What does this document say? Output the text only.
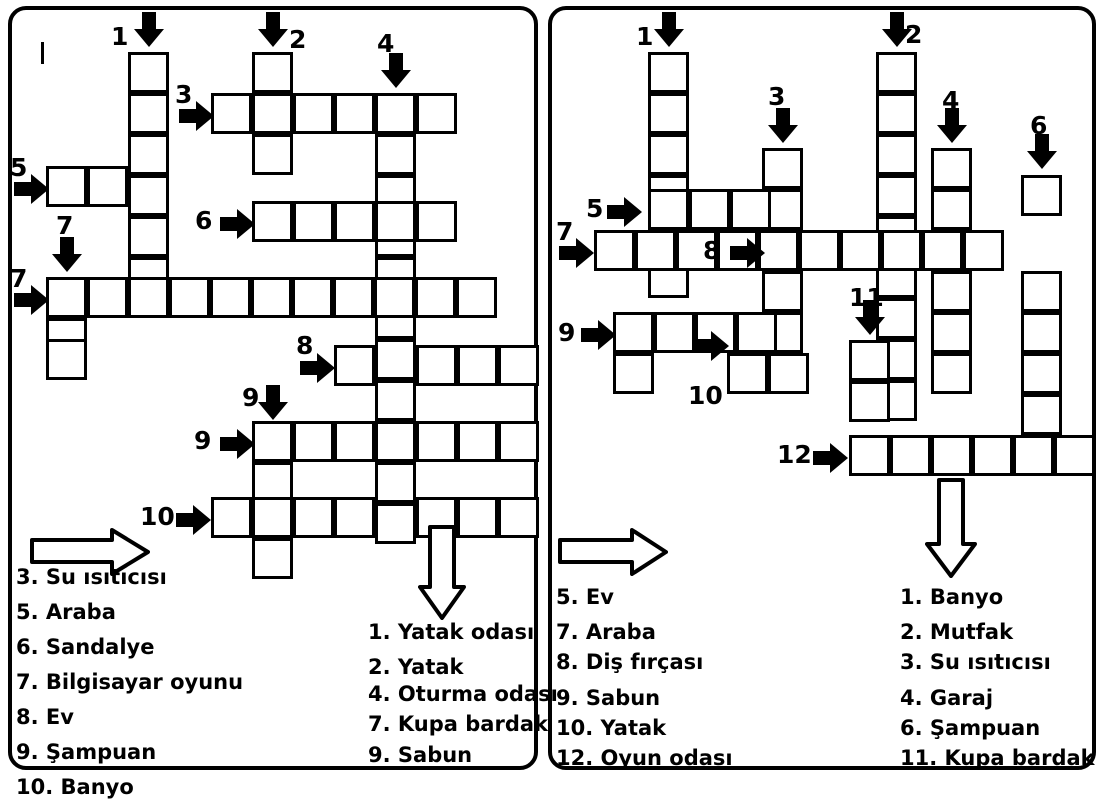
1	2
3
4
5
6
7
7
8
9
9
10
3. Su ısıtıcısı
5. Araba
6. Sandalye
7. Bilgisayar oyunu
8. Ev
9. Şampuan
10. Banyo
1. Yatak odası
2. Yatak
4. Oturma odası
7. Kupa bardak
9. Sabun
1	2
3	4
5
6
7
8
9
10
11
12
5. Ev
7. Araba
8. Diş fırçası
9. Sabun
10. Yatak
12. Oyun odası
1. Banyo
2. Mutfak
3. Su ısıtıcısı
4. Garaj
6. Şampuan
11. Kupa bardak
